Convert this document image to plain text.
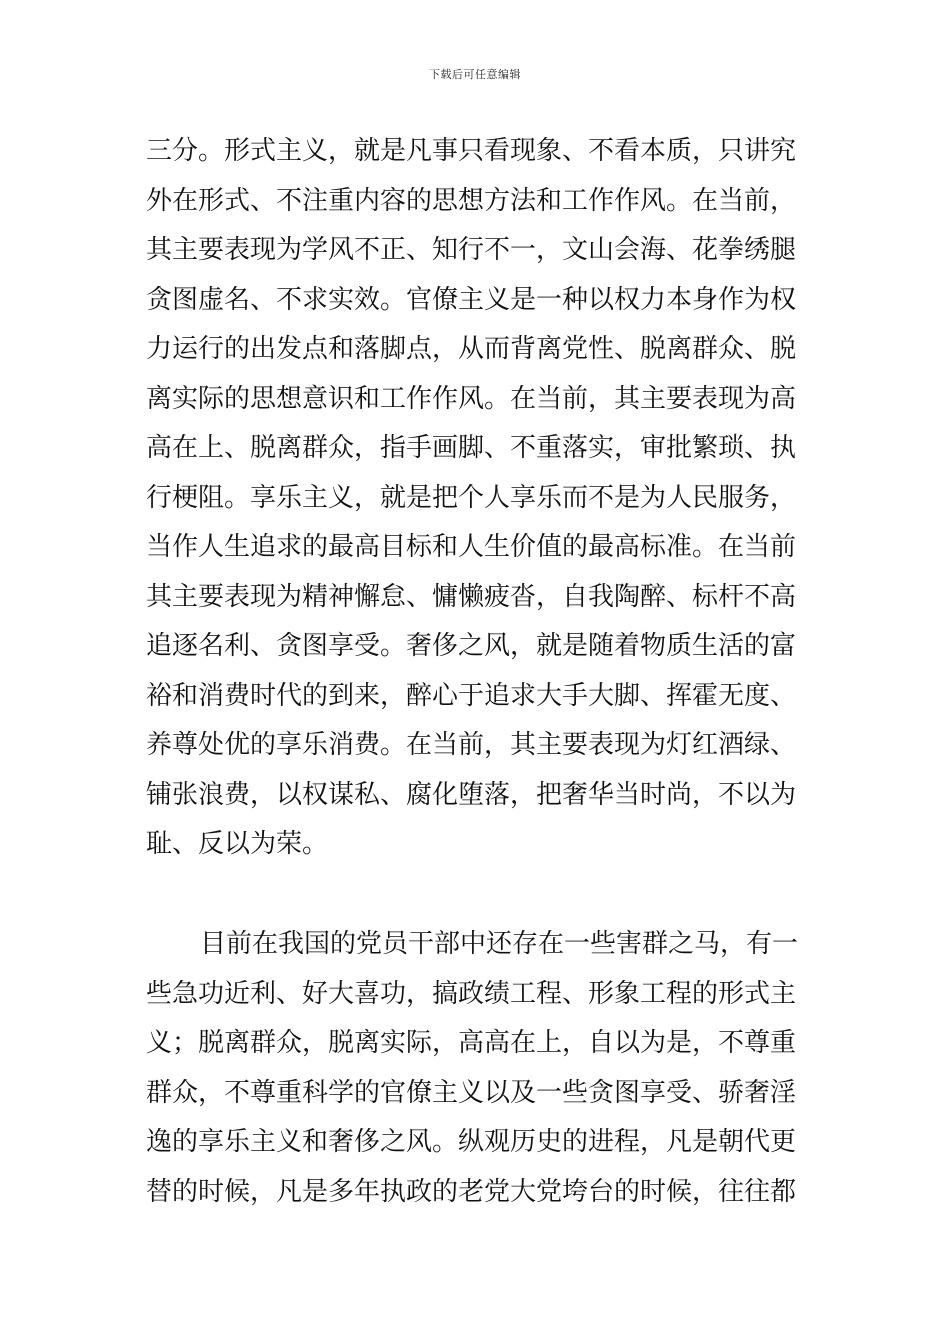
下载后可任意编辑
三分。形式主义，就是凡事只看现象、不看本质，只讲究
外在形式、不注重内容的思想方法和工作作风。在当前，
其主要表现为学风不正、知行不一，文山会海、花拳绣腿
贪图虚名、不求实效。官僚主义是一种以权力本身作为权
力运行的出发点和落脚点，从而背离党性、脱离群众、脱
离实际的思想意识和工作作风。在当前，其主要表现为高
高在上、脱离群众，指手画脚、不重落实，审批繁琐、执
行梗阻。享乐主义，就是把个人享乐而不是为人民服务，
当作人生追求的最高目标和人生价值的最高标准。在当前
其主要表现为精神懈怠、慵懒疲沓，自我陶醉、标杆不高
追逐名利、贪图享受。奢侈之风，就是随着物质生活的富
裕和消费时代的到来，醉心于追求大手大脚、挥霍无度、
养尊处优的享乐消费。在当前，其主要表现为灯红酒绿、
铺张浪费，以权谋私、腐化堕落，把奢华当时尚，不以为
耻、反以为荣。
目前在我国的党员干部中还存在一些害群之马，有一
些急功近利、好大喜功，搞政绩工程、形象工程的形式主
义；脱离群众，脱离实际，高高在上，自以为是，不尊重
群众，不尊重科学的官僚主义以及一些贪图享受、骄奢淫
逸的享乐主义和奢侈之风。纵观历史的进程，凡是朝代更
替的时候，凡是多年执政的老党大党垮台的时候，往往都
